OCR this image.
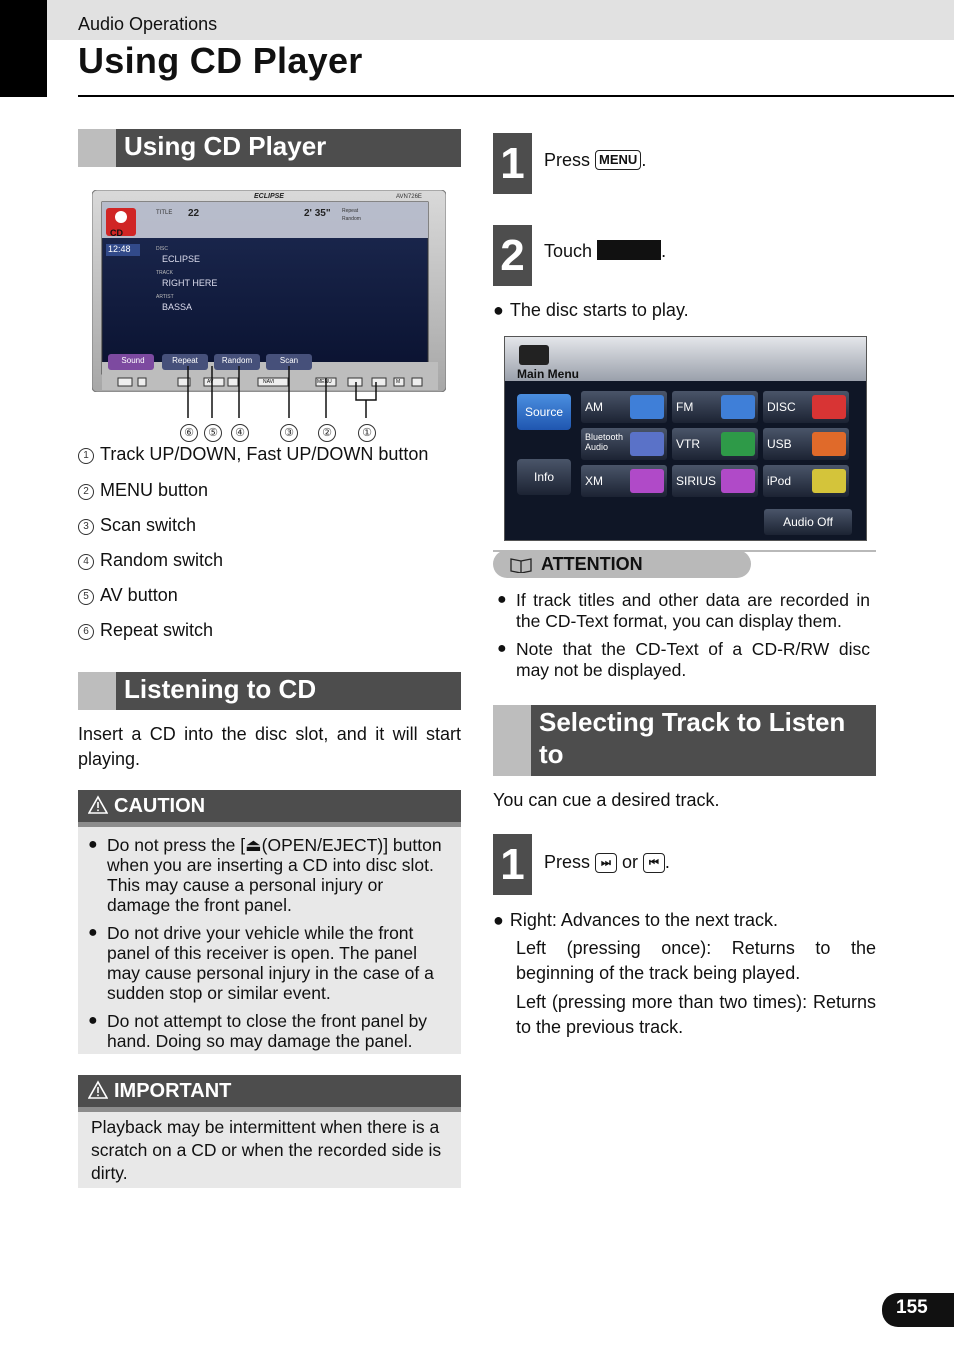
Audio Operations
Using CD Player
Using CD Player
ECLIPSE	AVN726E
CD
12:48
TITLE 22	2' 35" Repeat
Random
DISC
ECLIPSE
TRACK
RIGHT HERE
ARTIST
BASSA
Sound	Repeat	Random	Scan
AV	NAVI	MENU	M
⑥	⑤	④	③	②	①
1 Track UP/DOWN, Fast UP/DOWN button
2 MENU button
3 Scan switch
4 Random switch
5 AV button
6 Repeat switch
Listening to CD
Insert a CD into the disc slot, and it will start playing.
CAUTION
● Do not press the [⏏(OPEN/EJECT)] button when you are inserting a CD into disc slot. This may cause a personal injury or damage the front panel.
● Do not drive your vehicle while the front panel of this receiver is open. The panel may cause personal injury in the case of a sudden stop or similar event.
● Do not attempt to close the front panel by hand. Doing so may damage the panel.
IMPORTANT
Playback may be intermittent when there is a scratch on a CD or when the recorded side is dirty.
1	Press MENU .
2	Touch	.
● The disc starts to play.
Main Menu
Source
Info
AM	FM	DISC
Bluetooth Audio	VTR	USB
XM	SIRIUS	iPod
Audio Off
ATTENTION
● If track titles and other data are recorded in the CD-Text format, you can display them.
● Note that the CD-Text of a CD-R/RW disc may not be displayed.
Selecting Track to Listen
to
You can cue a desired track.
1	Press ⏭ or ⏮ .
● Right: Advances to the next track.
Left (pressing once): Returns to the beginning of the track being played.
Left (pressing more than two times): Returns to the previous track.
155
